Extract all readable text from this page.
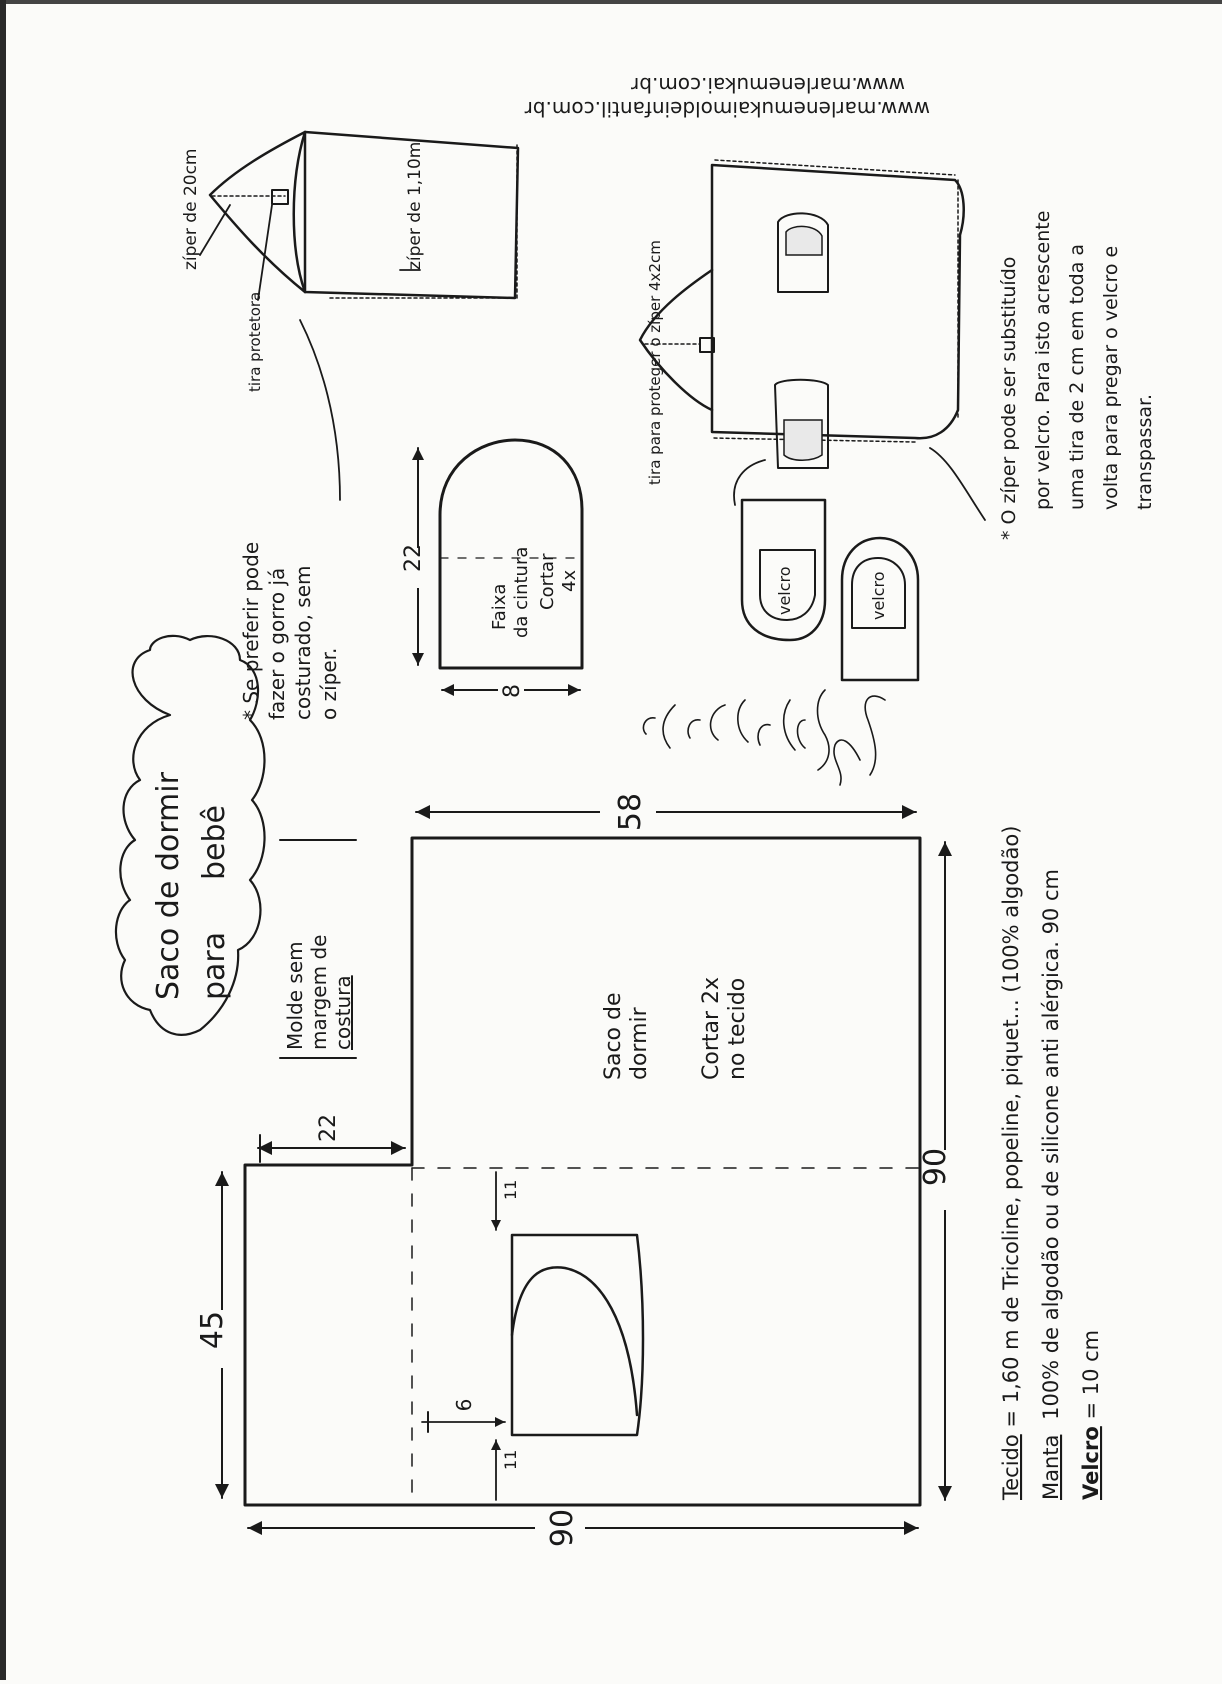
Saco de dormir para
bebê
Molde sem margem de costura
* Se preferir pode fazer o gorro já costurado, sem o zíper.
Saco de dormir Cortar 2x no tecido
90
90
58
45
22
11
11
6
Faixa da cintura Cortar 4x
22
8
zíper de 20cm	zíper de 1,10m
tira protetora	tira para proteger o zíper 4x2cm
velcro	velcro
www.marlenemukaimoldeinfantil.com.br
www.marlenemukai.com.br
* O zíper pode ser substituído por velcro. Para isto acrescente uma tira de 2 cm em toda a volta para pregar o velcro e transpassar.
Tecido = 1,60 m de Tricoline, popeline, piquet... (100% algodão)
Manta 100% de algodão ou de silicone anti alérgica. 90 cm
Velcro = 10 cm
